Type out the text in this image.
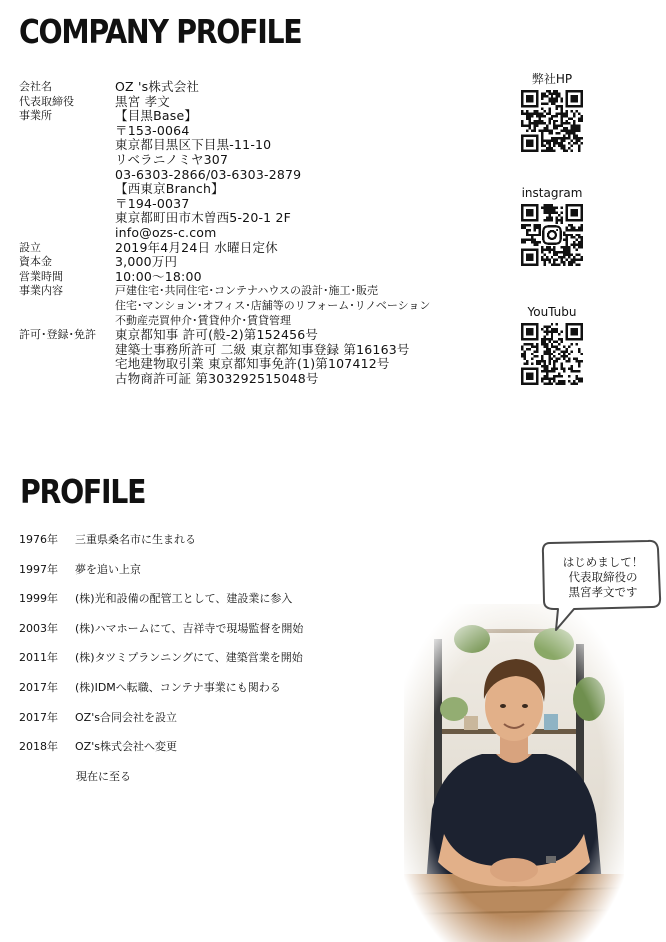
COMPANY PROFILE
会社名	OZ 's株式会社
代表取締役	黒宮 孝文
事業所	【目黒Base】
〒153-0064
東京都目黒区下目黒-11-10
リベラニノミヤ307
03-6303-2866/03-6303-2879
【西東京Branch】
〒194-0037
東京都町田市木曽西5-20-1 2F
info@ozs-c.com
設立	2019年4月24日 水曜日定休
資本金	3,000万円
営業時間	10:00～18:00
事業内容	戸建住宅･共同住宅･コンテナハウスの設計･施工･販売
住宅･マンション･オフィス･店舗等のリフォーム･リノベーション
不動産売買仲介･賃貸仲介･賃貸管理
許可･登録･免許	東京都知事 許可(般-2)第152456号
建築士事務所許可 二級 東京都知事登録 第16163号
宅地建物取引業 東京都知事免許(1)第107412号
古物商許可証 第303292515048号
弊社HP
instagram
YouTubu
PROFILE
1976年	三重県桑名市に生まれる
1997年	夢を追い上京
1999年	(株)光和設備の配管工として、建設業に参入
2003年	(株)ハマホームにて、吉祥寺で現場監督を開始
2011年	(株)タツミプランニングにて、建築営業を開始
2017年	(株)IDMへ転職、コンテナ事業にも関わる
2017年	OZ's合同会社を設立
2018年	OZ's株式会社へ変更
現在に至る
はじめまして！
代表取締役の
黒宮孝文です
